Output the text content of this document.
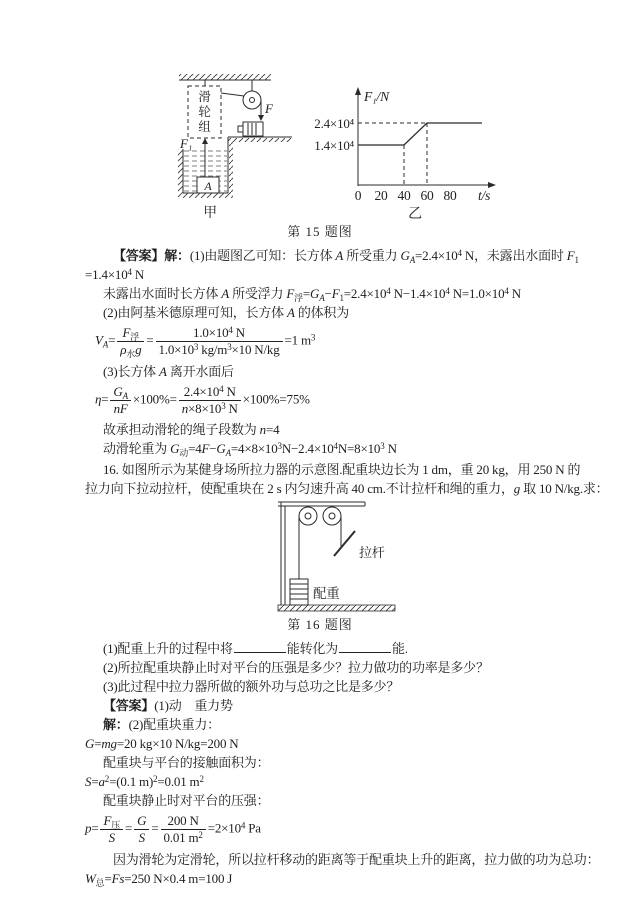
滑
轮
组
F
F₁
A
甲
F₁/N
t/s
2.4×10⁴
1.4×10⁴
0 20 40 60 80
乙

第 15 题图

【答案】解：(1)由题图乙可知：长方体 A 所受重力 $G_A=2.4\times 10^4$ N，未露出水面时 $F_1$

$=1.4\times 10^4$ N

未露出水面时长方体 A 所受浮力 $F_浮=G_A-F_1=2.4\times 10^4$ $N-1.4\times 10^4$ $N=1.0\times 10^4$ N

(2)由阿基米德原理可知，长方体 A 的体积为

$V_A= \frac{F_浮}{\rho_水g} = \frac{1.0\times 10^4 N}{1.0\times 10^3 kg/m^3\times 10 N/kg} =1$ $m^3$

(3)长方体 A 离开水面后

$\eta= \frac{G_A}{nF} \times 100\%= \frac{2.4\times 10^4 N}{n\times 8\times 10^3 N} \times 100\%=75\%$

故承担动滑轮的绳子段数为 n=4

动滑轮重为 $G_动=4F-G_A=4\times 8\times 10^3N-2.4\times 10^4N=8\times 10^3$ N

16. 如图所示为某健身场所拉力器的示意图.配重块边长为 1 dm，重 20 kg，用 250 N 的

拉力向下拉动拉杆，使配重块在 2 s 内匀速升高 40 cm.不计拉杆和绳的重力，g 取 10 N/kg.求：

拉杆
配重

第 16 题图

(1)配重上升的过程中将	能转化为	能.

(2)所拉配重块静止时对平台的压强是多少？拉力做功的功率是多少？

(3)此过程中拉力器所做的额外功与总功之比是多少？

【答案】(1)动　重力势

解：(2)配重块重力：

G=mg=20 kg×10 N/kg=200 N

配重块与平台的接触面积为：

$S=a^2=(0.1$ m)$^2$=0.01 $m^2$

配重块静止时对平台的压强：

$p= \frac{F_压}{S} = \frac{G}{S} = \frac{200 N}{0.01 m^2} =2\times 10^4$ Pa

因为滑轮为定滑轮，所以拉杆移动的距离等于配重块上升的距离，拉力做的功为总功：

$W_总=Fs=250$ N×0.4 m=100 J
